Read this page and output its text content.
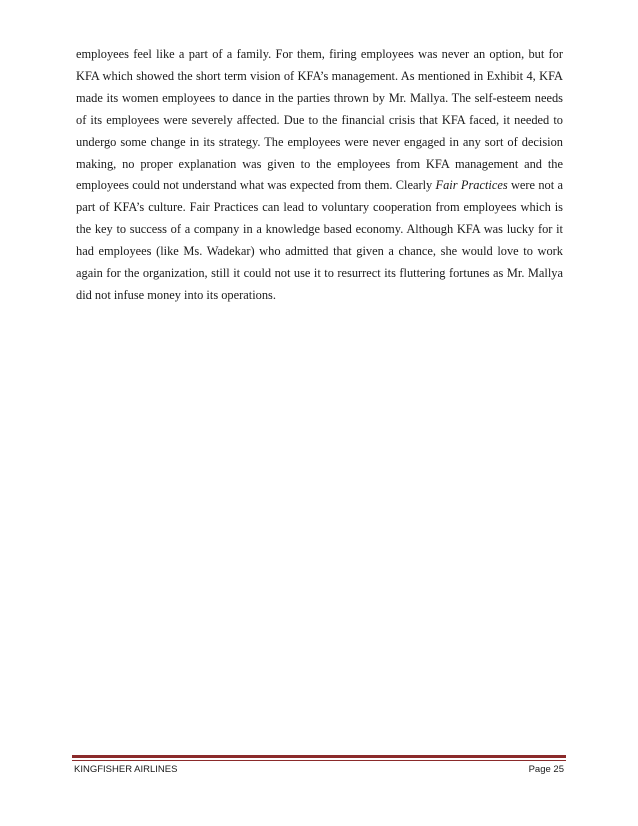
employees feel like a part of a family. For them, firing employees was never an option, but for KFA which showed the short term vision of KFA’s management. As mentioned in Exhibit 4, KFA made its women employees to dance in the parties thrown by Mr. Mallya. The self-esteem needs of its employees were severely affected. Due to the financial crisis that KFA faced, it needed to undergo some change in its strategy. The employees were never engaged in any sort of decision making, no proper explanation was given to the employees from KFA management and the employees could not understand what was expected from them. Clearly Fair Practices were not a part of KFA’s culture. Fair Practices can lead to voluntary cooperation from employees which is the key to success of a company in a knowledge based economy. Although KFA was lucky for it had employees (like Ms. Wadekar) who admitted that given a chance, she would love to work again for the organization, still it could not use it to resurrect its fluttering fortunes as Mr. Mallya did not infuse money into its operations.

KINGFISHER AIRLINES	Page 25
